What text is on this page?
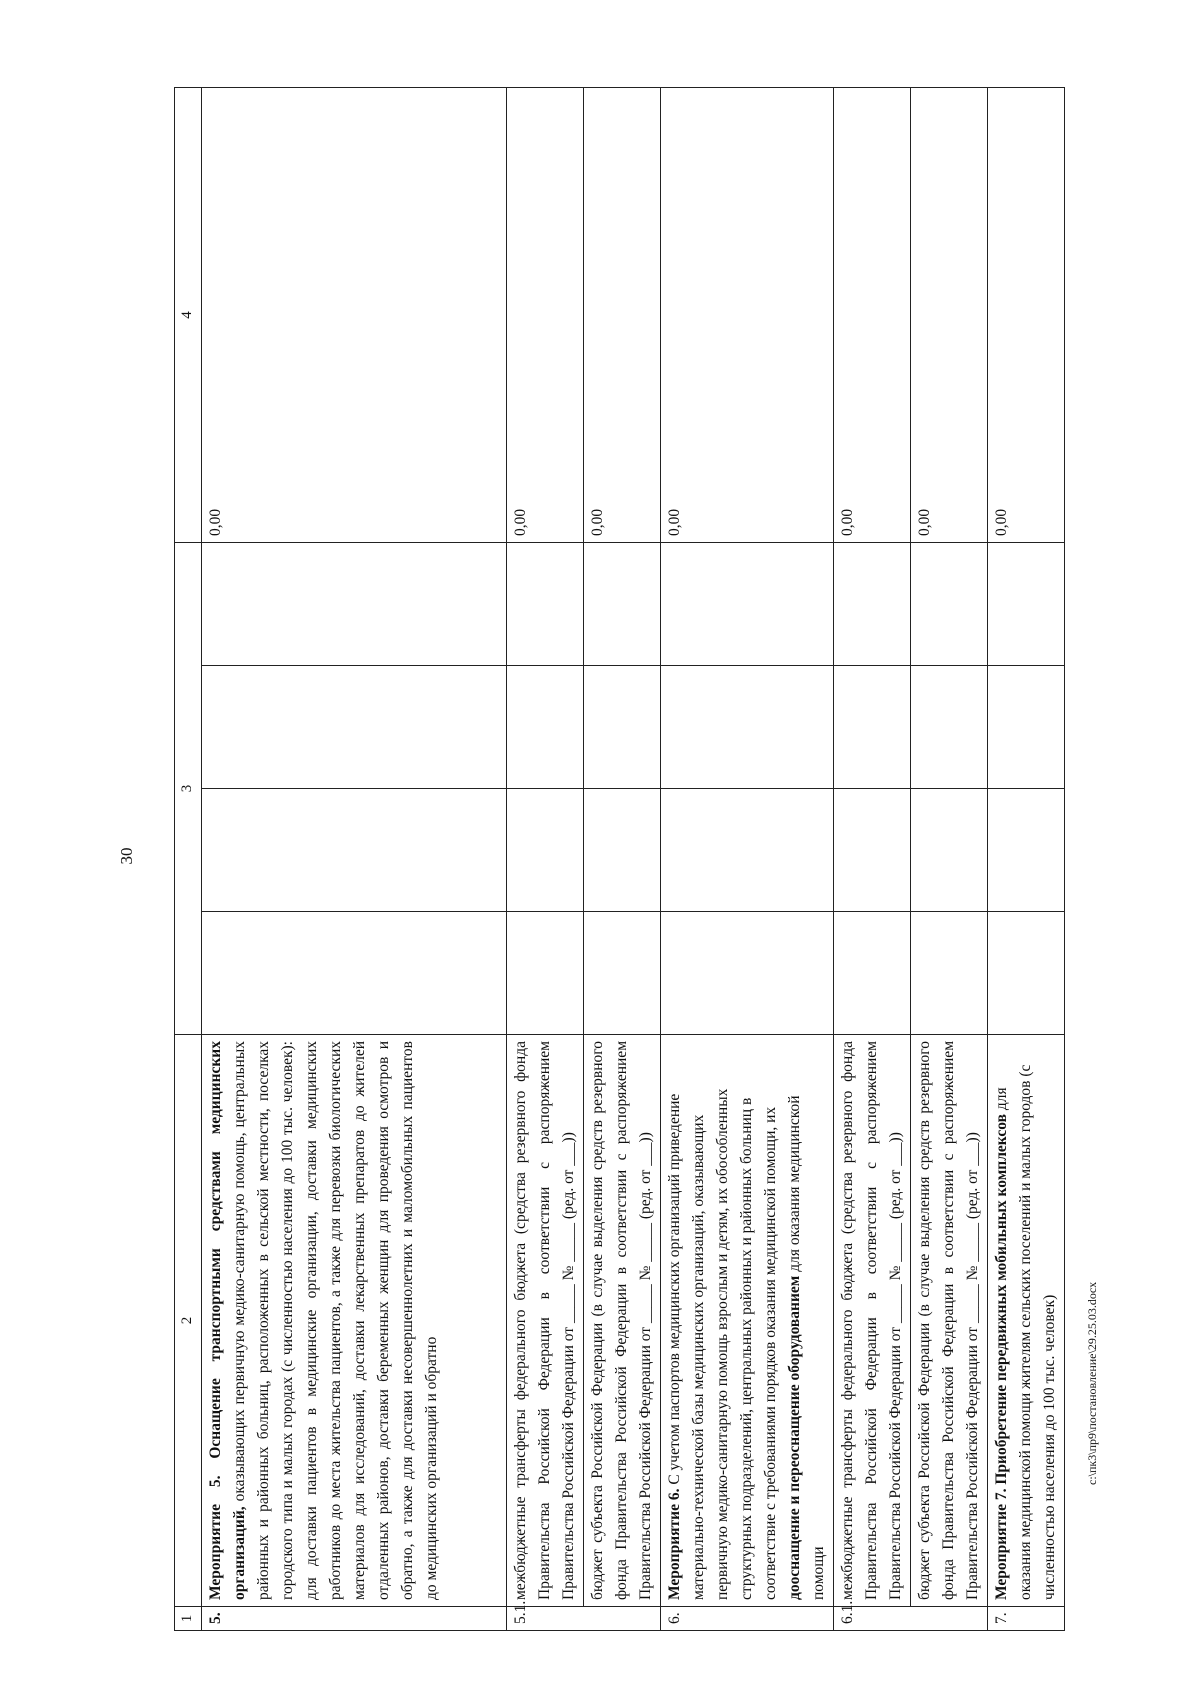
30
c:\пк3\пр9\постановление\29.25.03.docx
1	2	3				4
5.	Мероприятие 5. Оснащение транспортными средствами медицинских организаций, оказывающих первичную медико-санитарную помощь, центральных районных и районных больниц, расположенных в сельской местности, поселках городского типа и малых городах (с численностью населения до 100 тыс. человек): для доставки пациентов в медицинские организации, доставки медицинских работников до места жительства пациентов, а также для перевозки биологических материалов для исследований, доставки лекарственных препаратов до жителей отдаленных районов, доставки беременных женщин для проведения осмотров и обратно, а также для доставки несовершеннолетних и маломобильных пациентов до медицинских организаций и обратно					0,00
5.1.	межбюджетные трансферты федерального бюджета (средства резервного фонда Правительства Российской Федерации в соответствии с распоряжением Правительства Российской Федерации от _____ № _____ (ред. от ___))					0,00
	бюджет субъекта Российской Федерации (в случае выделения средств резервного фонда Правительства Российской Федерации в соответствии с распоряжением Правительства Российской Федерации от _____ № _____ (ред. от ___))					0,00
6.	Мероприятие 6. С учетом паспортов медицинских организаций приведение материально-технической базы медицинских организаций, оказывающих первичную медико-санитарную помощь взрослым и детям, их обособленных структурных подразделений, центральных районных и районных больниц в соответствие с требованиями порядков оказания медицинской помощи, их дооснащение и переоснащение оборудованием для оказания медицинской помощи					0,00
6.1.	межбюджетные трансферты федерального бюджета (средства резервного фонда Правительства Российской Федерации в соответствии с распоряжением Правительства Российской Федерации от _____ № _____ (ред. от ___))					0,00
	бюджет субъекта Российской Федерации (в случае выделения средств резервного фонда Правительства Российской Федерации в соответствии с распоряжением Правительства Российской Федерации от _____ № _____ (ред. от ___))					0,00
7.	Мероприятие 7. Приобретение передвижных мобильных комплексов для оказания медицинской помощи жителям сельских поселений и малых городов (с численностью населения до 100 тыс. человек)					0,00
